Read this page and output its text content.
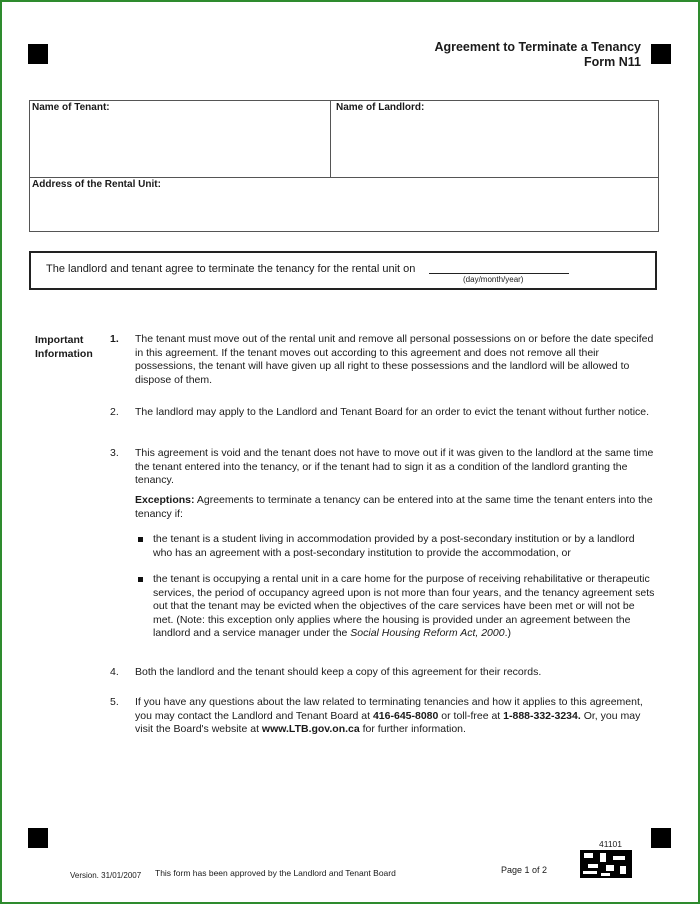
Agreement to Terminate a Tenancy
Form N11
Name of Tenant:	Name of Landlord:
Address of the Rental Unit:
The landlord and tenant agree to terminate the tenancy for the rental unit on
(day/month/year)
Important
Information
1. The tenant must move out of the rental unit and remove all personal possessions on or before the date specifed in this agreement. If the tenant moves out according to this agreement and does not remove all their possessions, the tenant will have given up all right to these possessions and the landlord will be allowed to dispose of them.
2. The landlord may apply to the Landlord and Tenant Board for an order to evict the tenant without further notice.
3. This agreement is void and the tenant does not have to move out if it was given to the landlord at the same time the tenant entered into the tenancy, or if the tenant had to sign it as a condition of the landlord granting the tenancy.
Exceptions: Agreements to terminate a tenancy can be entered into at the same time the tenant enters into the tenancy if:
the tenant is a student living in accommodation provided by a post-secondary institution or by a landlord who has an agreement with a post-secondary institution to provide the accommodation, or
the tenant is occupying a rental unit in a care home for the purpose of receiving rehabilitative or therapeutic services, the period of occupancy agreed upon is not more than four years, and the tenancy agreement sets out that the tenant may be evicted when the objectives of the care services have been met or will not be met. (Note: this exception only applies where the housing is provided under an agreement between the landlord and a service manager under the Social Housing Reform Act, 2000.)
4. Both the landlord and the tenant should keep a copy of this agreement for their records.
5. If you have any questions about the law related to terminating tenancies and how it applies to this agreement, you may contact the Landlord and Tenant Board at 416-645-8080 or toll-free at 1-888-332-3234. Or, you may visit the Board's website at www.LTB.gov.on.ca for further information.
Version. 31/01/2007 This form has been approved by the Landlord and Tenant Board	Page 1 of 2
41101
